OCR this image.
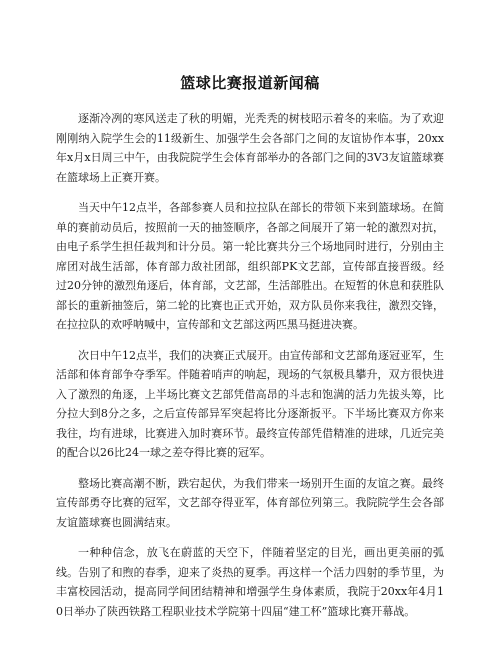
篮球比赛报道新闻稿

逐渐冷冽的寒风送走了秋的明媚，光秃秃的树枝昭示着冬的来临。为了欢迎刚刚纳入院学生会的11级新生、加强学生会各部门之间的友谊协作本事，20xx年x月x日周三中午，由我院院学生会体育部举办的各部门之间的3V3友谊篮球赛在篮球场上正赛开赛。

当天中午12点半，各部参赛人员和拉拉队在部长的带领下来到篮球场。在简单的赛前动员后，按照前一天的抽签顺序，各部之间展开了第一轮的激烈对抗，由电子系学生担任裁判和计分员。第一轮比赛共分三个场地同时进行，分别由主席团对战生活部，体育部力敌社团部，组织部PK文艺部，宣传部直接晋级。经过20分钟的激烈角逐后，体育部，文艺部，生活部胜出。在短暂的休息和获胜队部长的重新抽签后，第二轮的比赛也正式开始，双方队员你来我往，激烈交锋，在拉拉队的欢呼呐喊中，宣传部和文艺部这两匹黑马挺进决赛。

次日中午12点半，我们的决赛正式展开。由宣传部和文艺部角逐冠亚军，生活部和体育部争夺季军。伴随着哨声的响起，现场的气氛极具攀升，双方很快进入了激烈的角逐，上半场比赛文艺部凭借高昂的斗志和饱满的活力先拔头筹，比分拉大到8分之多，之后宣传部异军突起将比分逐渐扳平。下半场比赛双方你来我往，均有进球，比赛进入加时赛环节。最终宣传部凭借精准的进球，几近完美的配合以26比24一球之差夺得比赛的冠军。

整场比赛高潮不断，跌宕起伏，为我们带来一场别开生面的友谊之赛。最终宣传部勇夺比赛的冠军，文艺部夺得亚军，体育部位列第三。我院院学生会各部友谊篮球赛也圆满结束。

一种种信念，放飞在蔚蓝的天空下，伴随着坚定的目光，画出更美丽的弧线。告别了和煦的春季，迎来了炎热的夏季。再这样一个活力四射的季节里，为丰富校园活动，提高同学间团结精神和增强学生身体素质，我院于20xx年4月10日举办了陕西铁路工程职业技术学院第十四届“建工杯”篮球比赛开幕战。
